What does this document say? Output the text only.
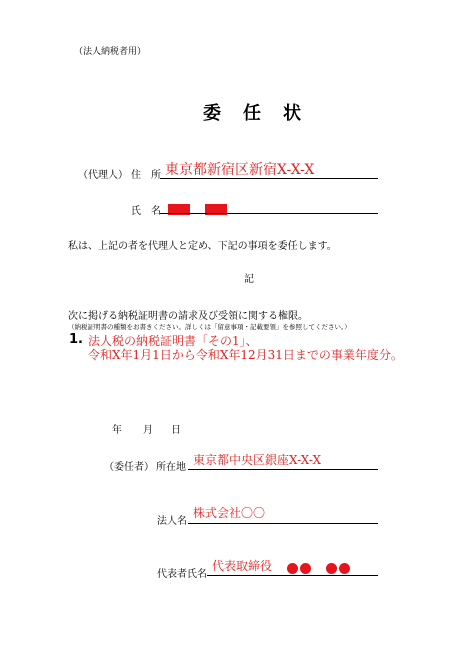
（法人納税者用）
委　任　状
（代理人） 住　所 東京都新宿区新宿X-X-X
氏　名

私は、上記の者を代理人と定め、下記の事項を委任します。
記
次に掲げる納税証明書の請求及び受領に関する権限。
（納税証明書の種類をお書きください。詳しくは「留意事項・記載要領」を参照してください。）
1. 法人税の納税証明書「その1」、
令和X年1月1日から令和X年12月31日までの事業年度分。
年 月 日
（委任者） 所在地
東京都中央区銀座X-X-X
法人名
株式会社〇〇
代表者氏名
代表取締役
